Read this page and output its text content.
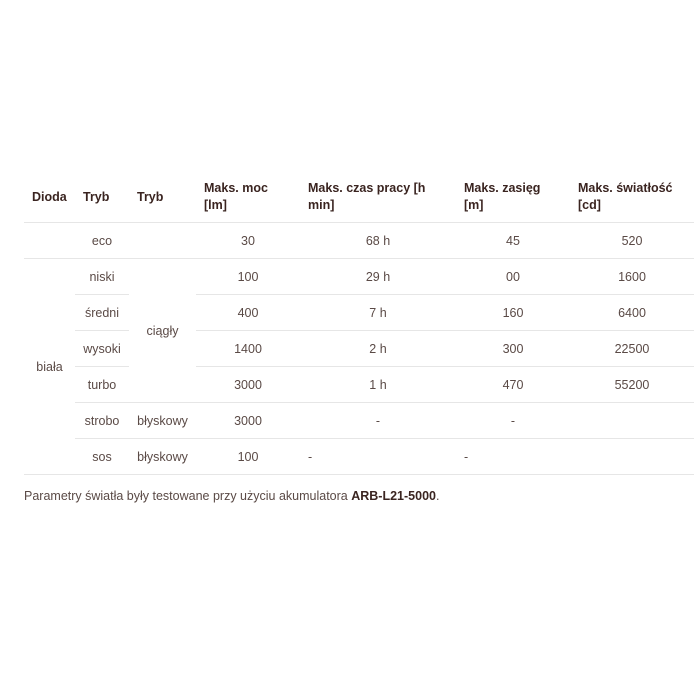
Dioda	Tryb	Tryb	Maks. moc [lm]	Maks. czas pracy [h min]	Maks. zasięg [m]	Maks. światłość [cd]
	eco		30	68 h	45	520
biała	niski	ciągły	100	29 h	00	1600
	średni		400	7 h	160	6400
	wysoki		1400	2 h	300	22500
	turbo		3000	1 h	470	55200
	strobo	błyskowy	3000	-	-	
	sos	błyskowy	100	-	-	
Parametry światła były testowane przy użyciu akumulatora ARB-L21-5000.
